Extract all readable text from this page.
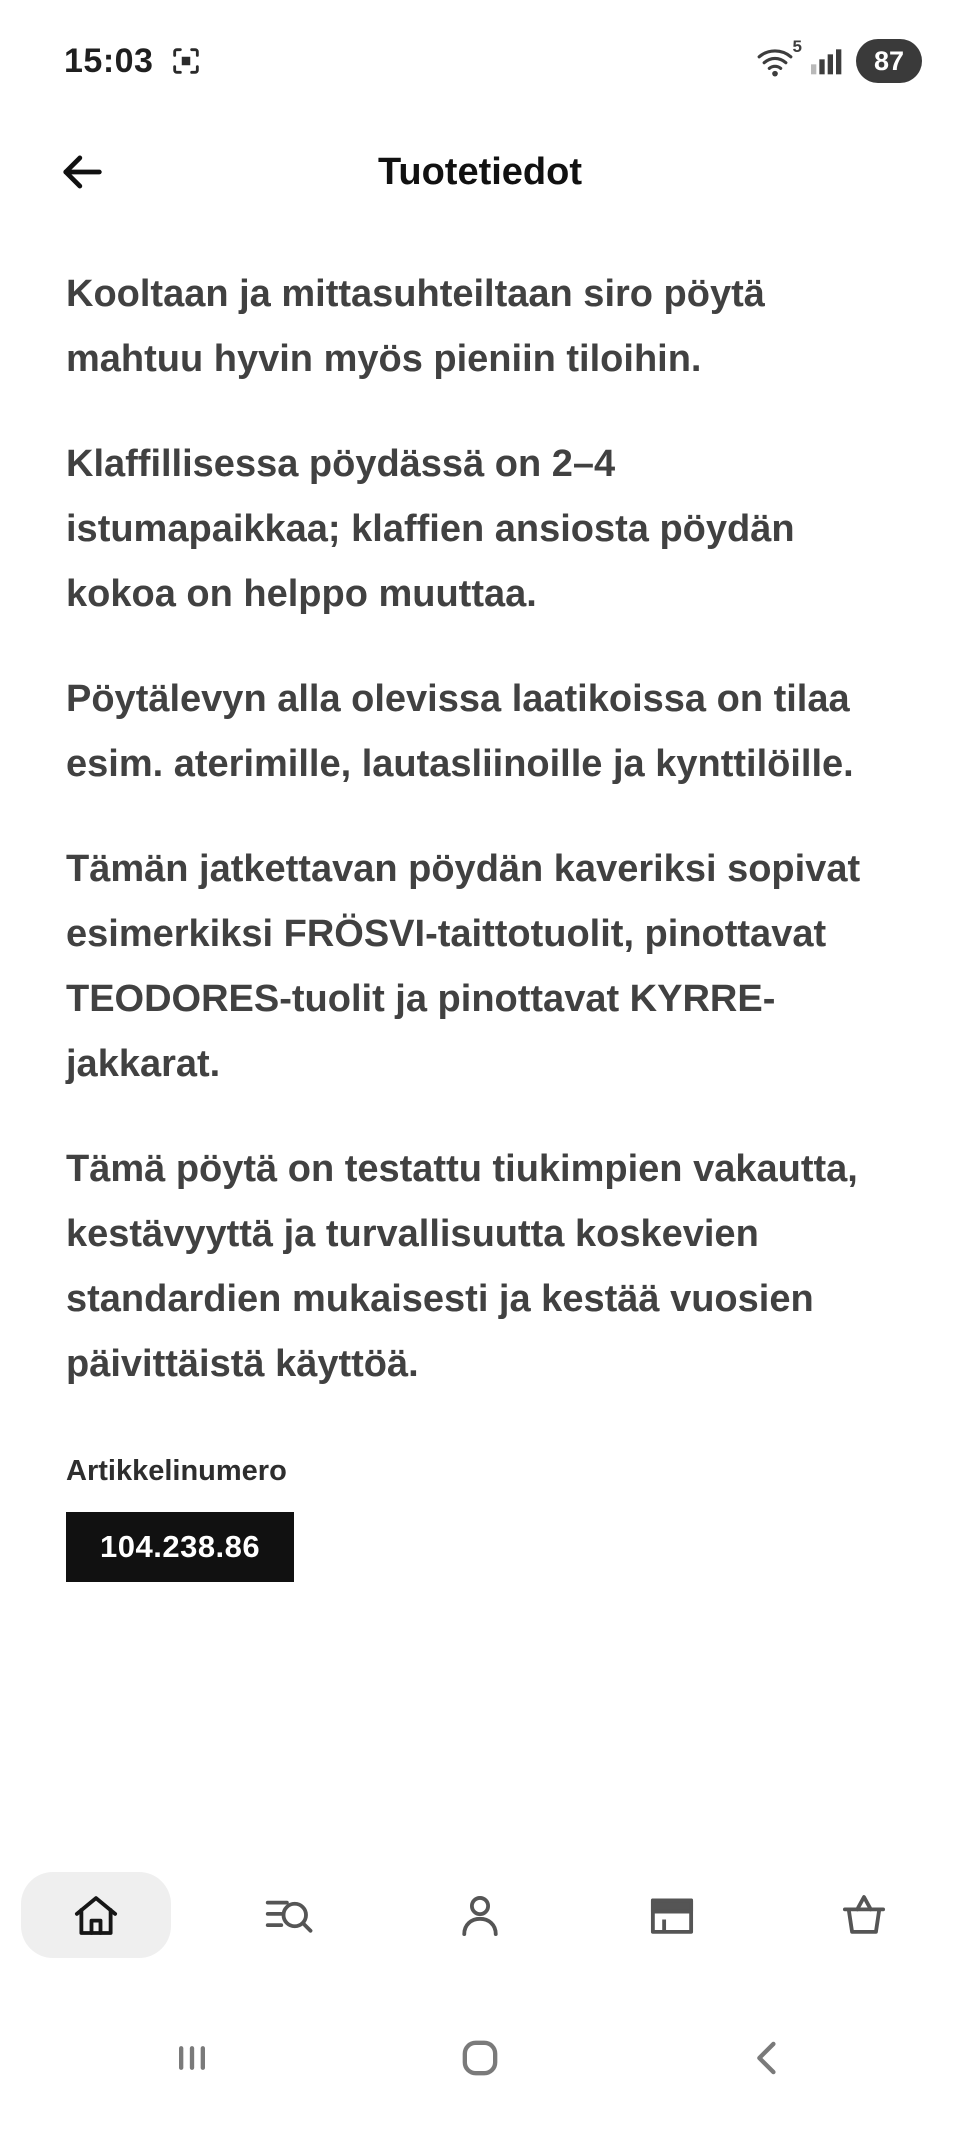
15:03	5	87
Tuotetiedot

Kooltaan ja mittasuhteiltaan siro pöytä mahtuu hyvin myös pieniin tiloihin.

Klaffillisessa pöydässä on 2–4 istumapaikkaa; klaffien ansiosta pöydän kokoa on helppo muuttaa.

Pöytälevyn alla olevissa laatikoissa on tilaa esim. aterimille, lautasliinoille ja kynttilöille.

Tämän jatkettavan pöydän kaveriksi sopivat esimerkiksi FRÖSVI-taittotuolit, pinottavat TEODORES-tuolit ja pinottavat KYRRE-jakkarat.

Tämä pöytä on testattu tiukimpien vakautta, kestävyyttä ja turvallisuutta koskevien standardien mukaisesti ja kestää vuosien päivittäistä käyttöä.

Artikkelinumero
104.238.86
